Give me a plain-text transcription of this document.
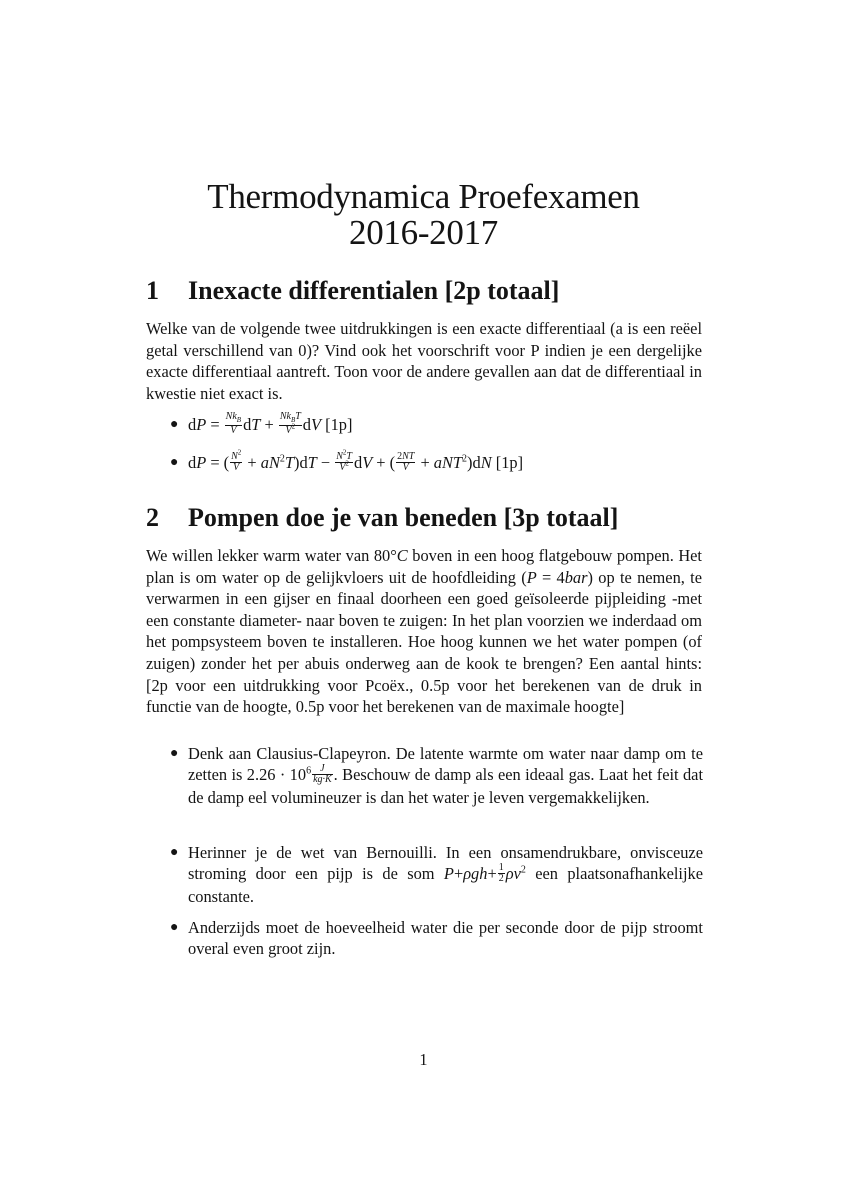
Thermodynamica Proefexamen
2016-2017
1 Inexacte differentialen [2p totaal]
Welke van de volgende twee uitdrukkingen is een exacte differentiaal (a is een reëel getal verschillend van 0)? Vind ook het voorschrift voor P indien je een dergelijke exacte differentiaal aantreft. Toon voor de andere gevallen aan dat de differentiaal in kwestie niet exact is.
● dP = $\frac{Nk_B}{V}$ dT + $\frac{Nk_BT}{V^2}$ dV [1p]
● dP = ( $\frac{N^2}{V} + aN^2T)dT - \frac{N^2T}{V^2}$ dV + ( $\frac{2NT}{V} + aNT^2)dN$ [1p]
2 Pompen doe je van beneden [3p totaal]
We willen lekker warm water van 80°C boven in een hoog flatgebouw pompen. Het plan is om water op de gelijkvloers uit de hoofdleiding (P = 4bar) op te nemen, te verwarmen in een gijser en finaal doorheen een goed geïsoleerde pijpleiding -met een constante diameter- naar boven te zuigen: In het plan voorzien we inderdaad om het pompsysteem boven te installeren. Hoe hoog kunnen we het water pompen (of zuigen) zonder het per abuis onderweg aan de kook te brengen? Een aantal hints: [2p voor een uitdrukking voor Pcoëx., 0.5p voor het berekenen van de druk in functie van de hoogte, 0.5p voor het berekenen van de maximale hoogte]
● Denk aan Clausius-Clapeyron. De latente warmte om water naar damp om te zetten is $2.26 \cdot 10^6 \frac{J}{kg\cdot K}$ . Beschouw de damp als een ideaal gas. Laat het feit dat de damp eel volumineuzer is dan het water je leven vergemakkelijken.
● Herinner je de wet van Bernouilli. In een onsamendrukbare, onvisceuze stroming door een pijp is de som $P+\rho gh+ \frac{1}{2} \rho v^2$ een plaatsonafhankelijke constante.
● Anderzijds moet de hoeveelheid water die per seconde door de pijp stroomt overal even groot zijn.
1
